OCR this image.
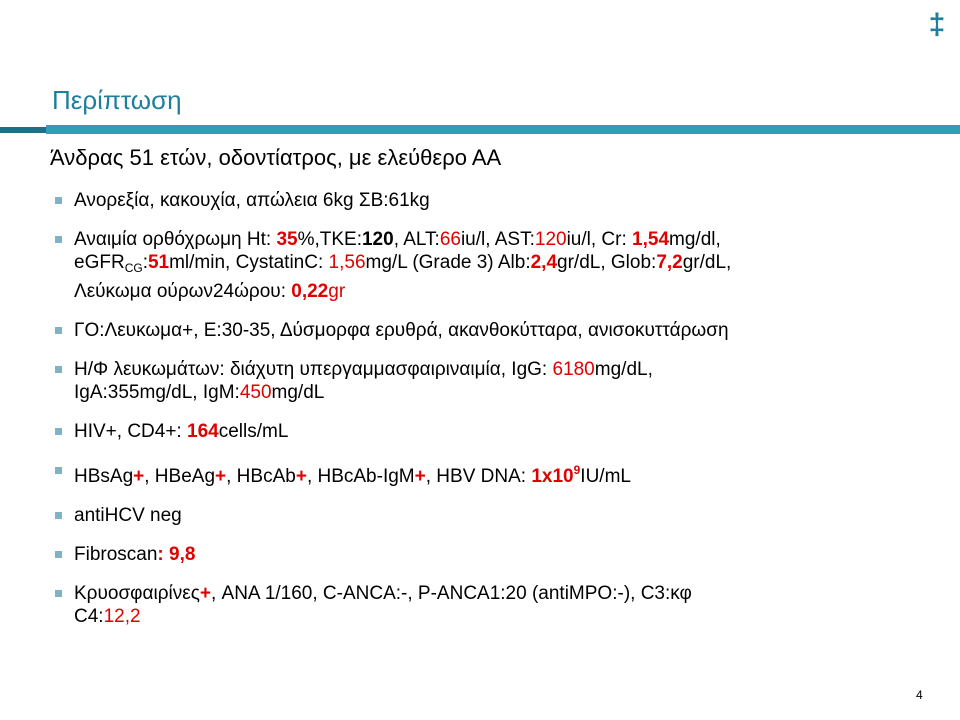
‡
Περίπτωση
Άνδρας 51 ετών, οδοντίατρος, με ελεύθερο ΑΑ
Ανορεξία, κακουχία, απώλεια 6kg ΣΒ:61kg
Αναιμία ορθόχρωμη Ht: 35%,TKE:120, ALT:66iu/l, AST:120iu/l, Cr: 1,54mg/dl,
eGFR$_{CG}$:51ml/min, CystatinC: 1,56mg/L (Grade 3) Alb:2,4gr/dL, Glob:7,2gr/dL,
Λεύκωμα ούρων24ώρου: 0,22gr
ΓΟ:Λευκωμα+, Ε:30-35, Δύσμορφα ερυθρά, ακανθοκύτταρα, ανισοκυττάρωση
Η/Φ λευκωμάτων: διάχυτη υπεργαμμασφαιριναιμία, IgG: 6180mg/dL,
IgA:355mg/dL, IgM:450mg/dL
HIV+, CD4+: 164cells/mL
HBsAg+, HBeAg+, HBcAb+, HBcAb-IgM+, HBV DNA: $1x10^9IU/mL$
antiHCV neg
Fibroscan: 9,8
Κρυοσφαιρίνες+, ANA 1/160, C-ANCA:-, P-ANCA1:20 (antiMPO:-), C3:κφ
C4:12,2
4
